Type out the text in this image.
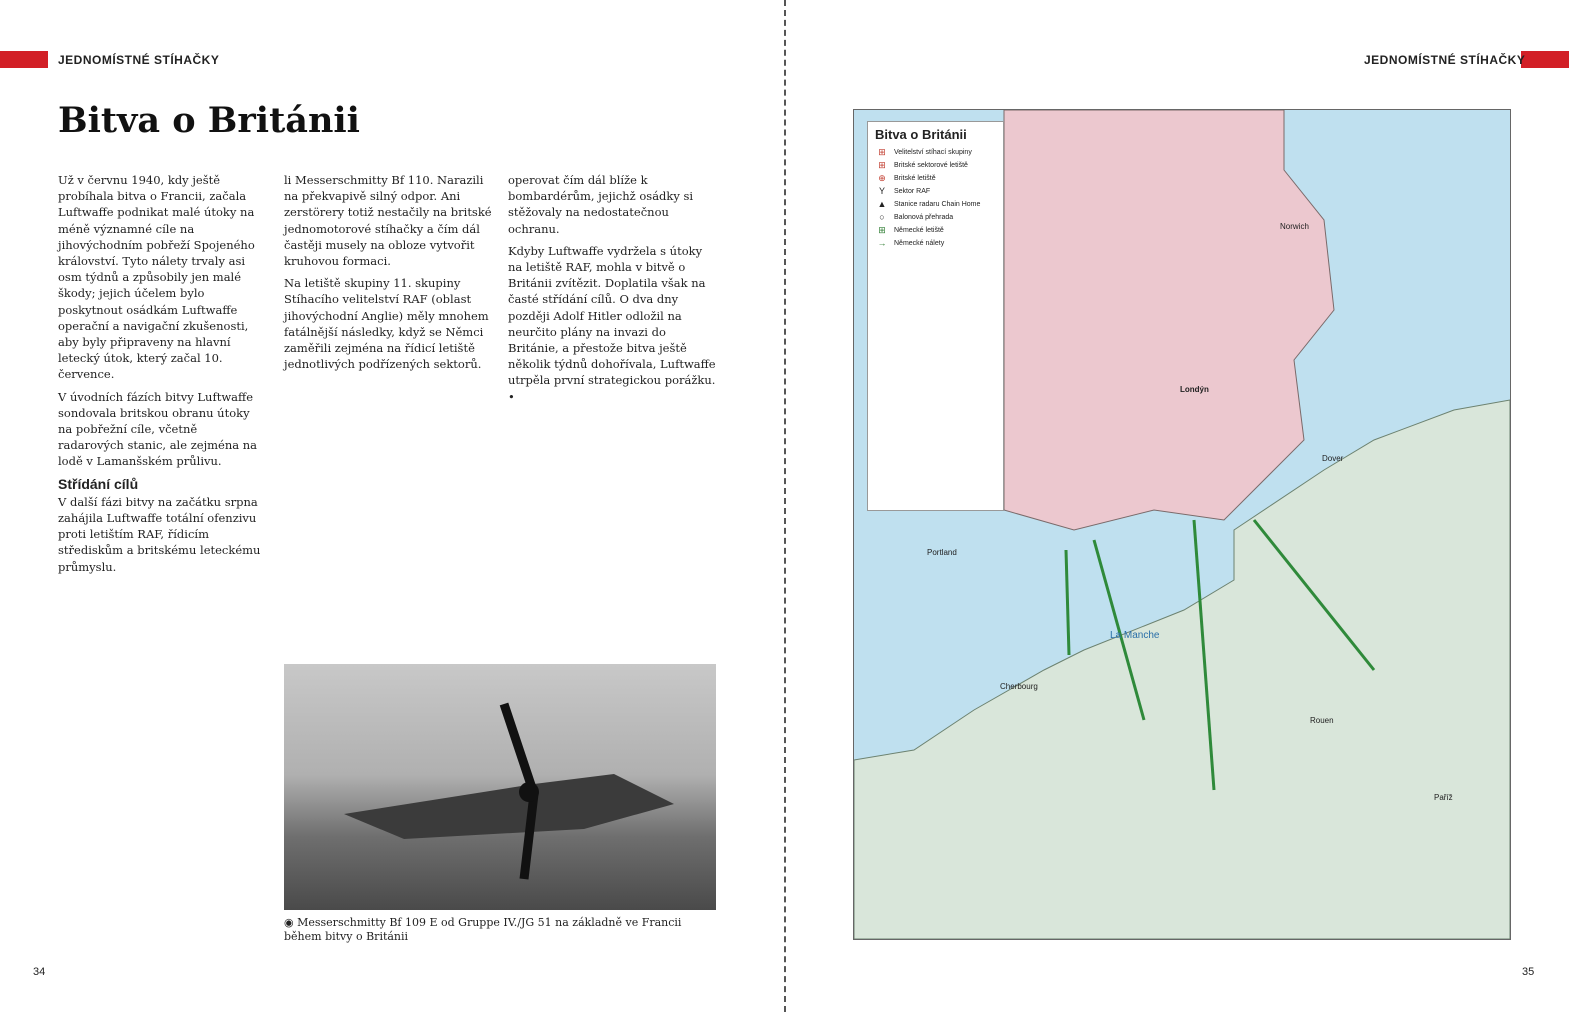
JEDNOMÍSTNÉ STÍHAČKY	JEDNOMÍSTNÉ STÍHAČKY
Bitva o Británii

Už v červnu 1940, kdy ještě probíhala bitva o Francii, začala Luftwaffe podnikat malé útoky na méně významné cíle na jihovýchodním pobřeží Spojeného království. Tyto nálety trvaly asi osm týdnů a způsobily jen malé škody; jejich účelem bylo poskytnout osádkám Luftwaffe operační a navigační zkušenosti, aby byly připraveny na hlavní letecký útok, který začal 10. července.

V úvodních fázích bitvy Luftwaffe sondovala britskou obranu útoky na pobřežní cíle, včetně radarových stanic, ale zejména na lodě v Lamanšském průlivu.

Střídání cílů

V další fázi bitvy na začátku srpna zahájila Luftwaffe totální ofenzivu proti letištím RAF, řídicím střediskům a britskému leteckému průmyslu.

li Messerschmitty Bf 110. Narazili na překvapivě silný odpor. Ani zerstörery totiž nestačily na britské jednomotorové stíhačky a čím dál častěji musely na obloze vytvořit kruhovou formaci.

Na letiště skupiny 11. skupiny Stíhacího velitelství RAF (oblast jihovýchodní Anglie) měly mnohem fatálnější následky, když se Němci zaměřili zejména na řídicí letiště jednotlivých podřízených sektorů.

operovat čím dál blíže k bombardérům, jejichž osádky si stěžovaly na nedostatečnou ochranu.

Kdyby Luftwaffe vydržela s útoky na letiště RAF, mohla v bitvě o Británii zvítězit. Doplatila však na časté střídání cílů. O dva dny později Adolf Hitler odložil na neurčito plány na invazi do Británie, a přestože bitva ještě několik týdnů dohořívala, Luftwaffe utrpěla první strategickou porážku. •

◉ Messerschmitty Bf 109 E od Gruppe IV./JG 51 na základně ve Francii během bitvy o Británii
34	35
Bitva o Británii
⊞	Velitelství stíhací skupiny
⊞	Britské sektorové letiště
⊕	Britské letiště
Y	Sektor RAF
▲	Stanice radaru Chain Home
○	Balonová přehrada
⊞	Německé letiště
→	Německé nálety
Londýn
Norwich
Dover
Portland
Cherbourg
Rouen
Paříž
La Manche
